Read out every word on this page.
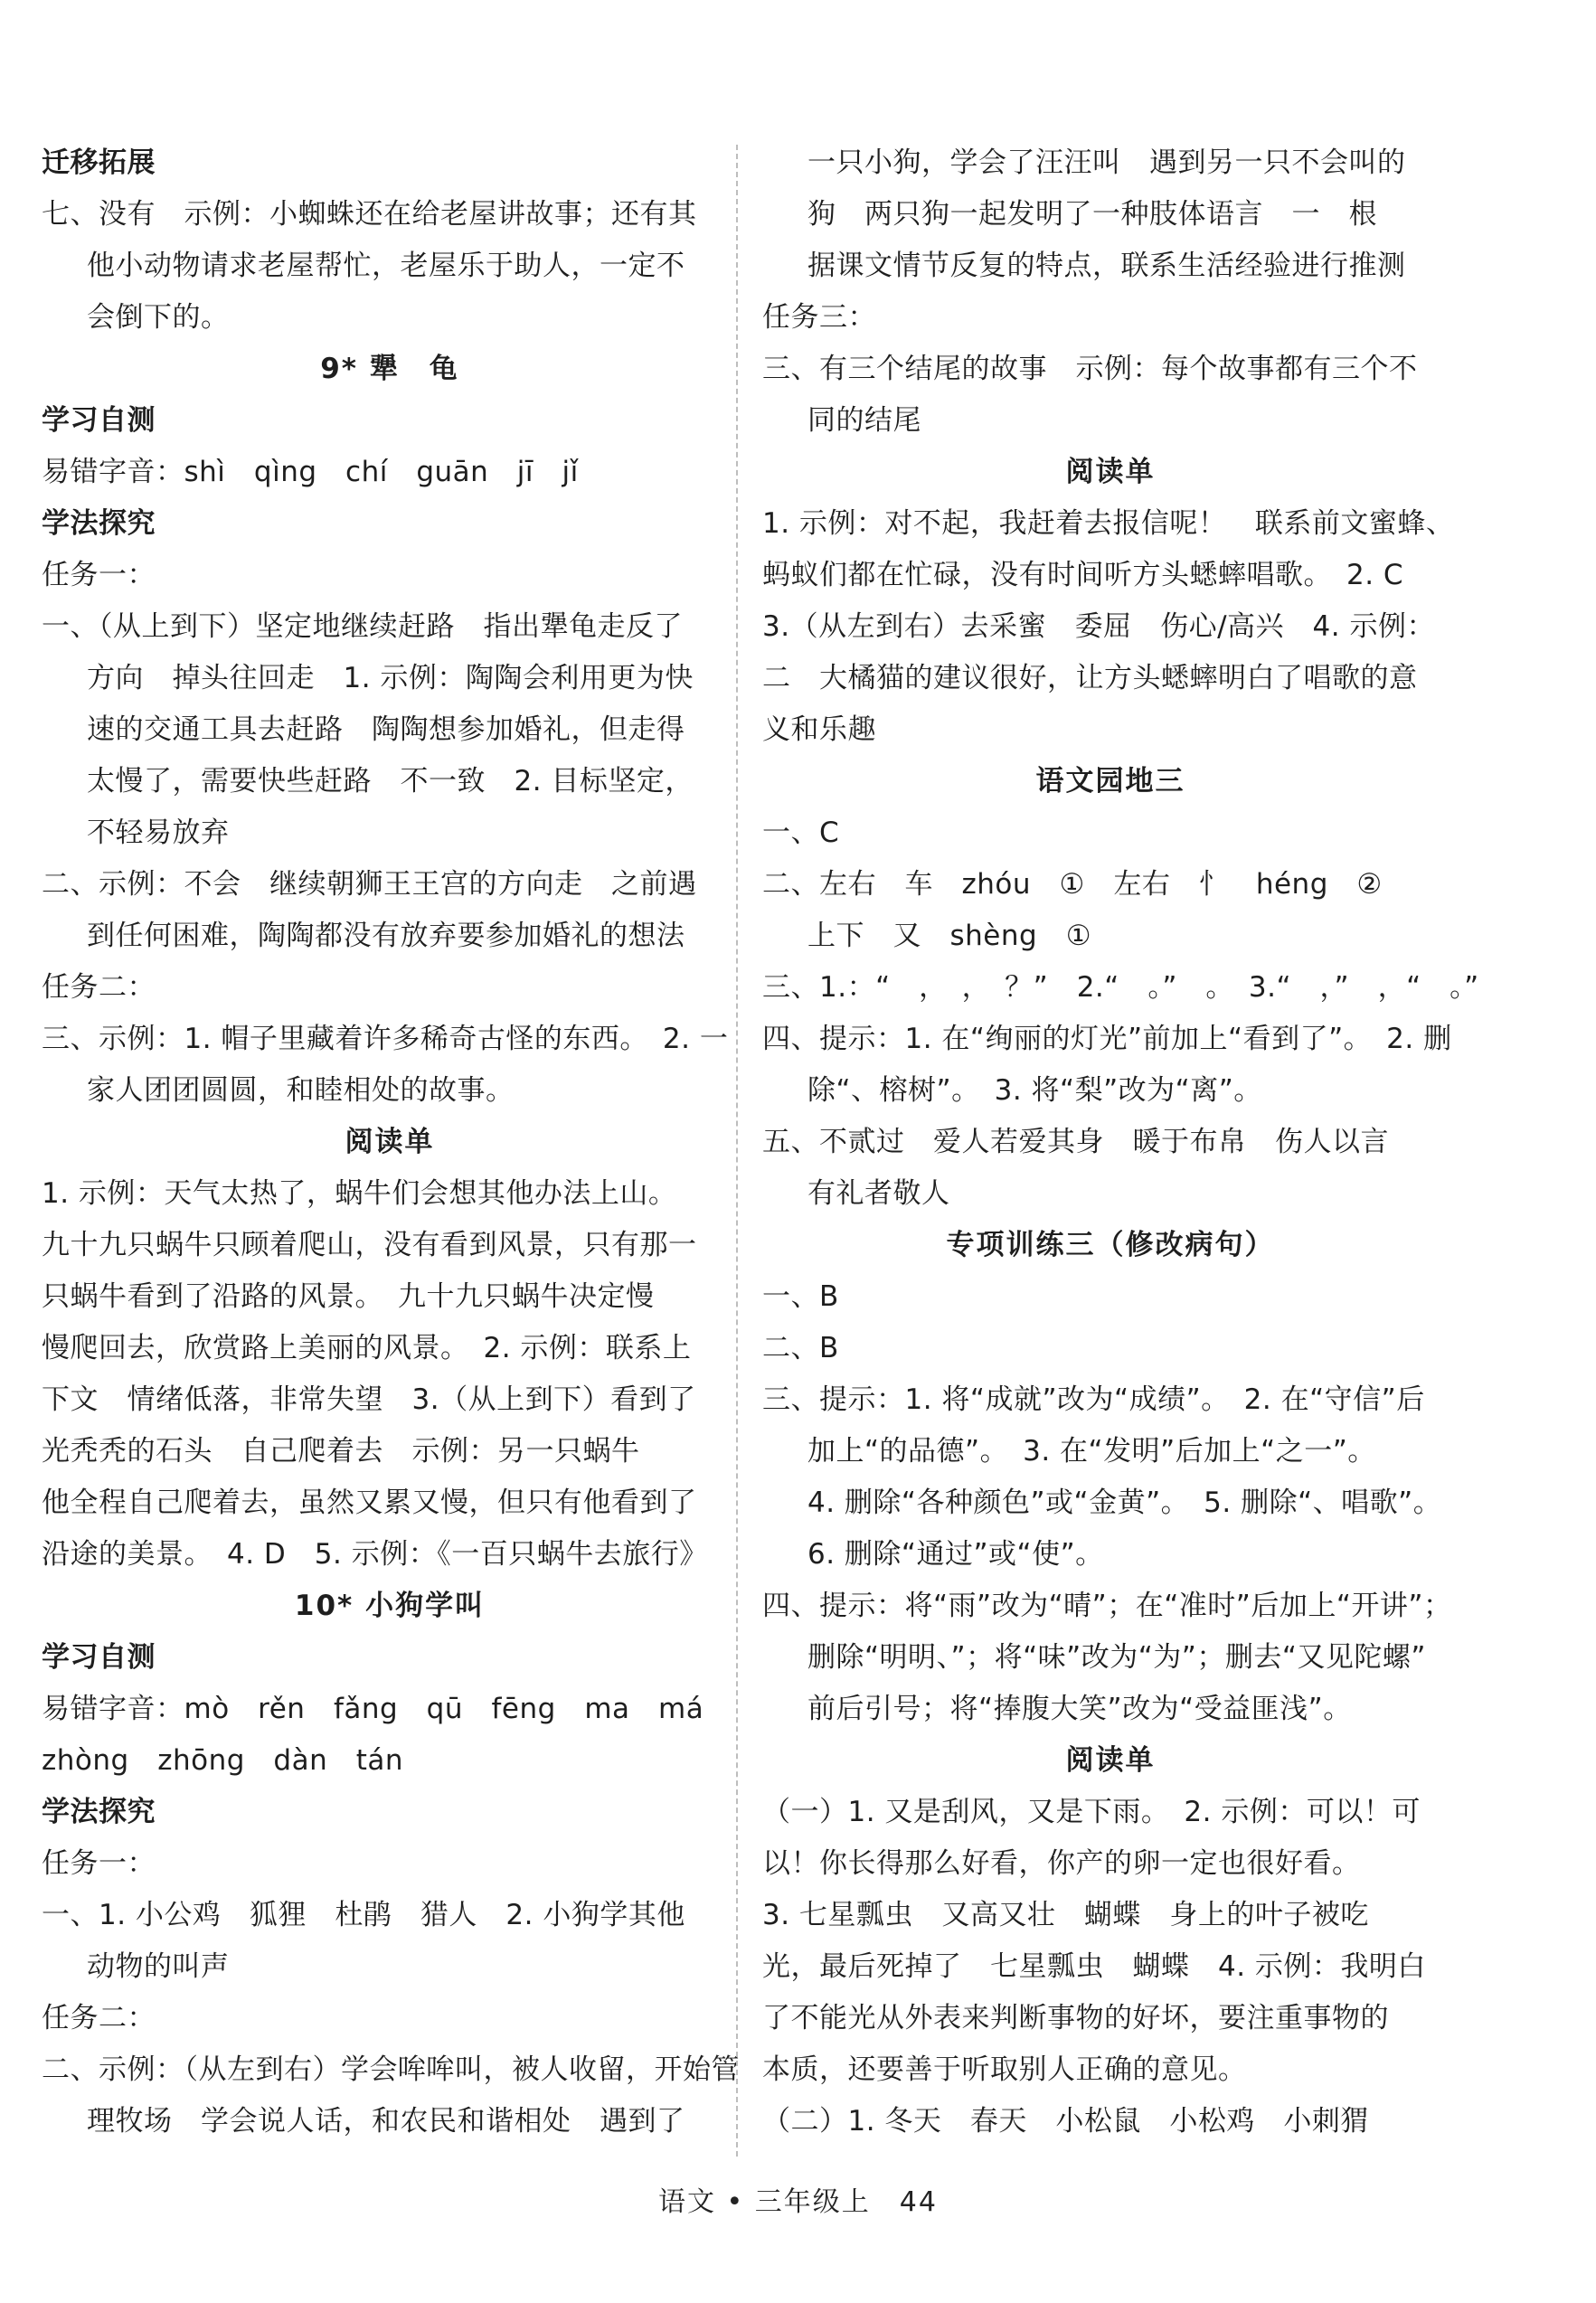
迁移拓展
七、没有　示例：小蜘蛛还在给老屋讲故事；还有其
他小动物请求老屋帮忙，老屋乐于助人，一定不
会倒下的。
9* 犟　龟
学习自测
易错字音：shì　qìng　chí　guān　jī　jǐ
学法探究
任务一：
一、（从上到下）坚定地继续赶路　指出犟龟走反了
方向　掉头往回走　1. 示例：陶陶会利用更为快
速的交通工具去赶路　陶陶想参加婚礼，但走得
太慢了，需要快些赶路　不一致　2. 目标坚定，
不轻易放弃
二、示例：不会　继续朝狮王王宫的方向走　之前遇
到任何困难，陶陶都没有放弃要参加婚礼的想法
任务二：
三、示例：1. 帽子里藏着许多稀奇古怪的东西。　2. 一
家人团团圆圆，和睦相处的故事。
阅读单
1. 示例：天气太热了，蜗牛们会想其他办法上山。
九十九只蜗牛只顾着爬山，没有看到风景，只有那一
只蜗牛看到了沿路的风景。　九十九只蜗牛决定慢
慢爬回去，欣赏路上美丽的风景。　2. 示例：联系上
下文　情绪低落，非常失望　3.（从上到下）看到了
光秃秃的石头　自己爬着去　示例：另一只蜗牛
他全程自己爬着去，虽然又累又慢，但只有他看到了
沿途的美景。　4. D　5. 示例：《一百只蜗牛去旅行》
10* 小狗学叫
学习自测
易错字音：mò　rěn　fǎng　qū　fēng　ma　má
zhòng　zhōng　dàn　tán
学法探究
任务一：
一、1. 小公鸡　狐狸　杜鹃　猎人　2. 小狗学其他
动物的叫声
任务二：
二、示例：（从左到右）学会哞哞叫，被人收留，开始管
理牧场　学会说人话，和农民和谐相处　遇到了
一只小狗，学会了汪汪叫　遇到另一只不会叫的
狗　两只狗一起发明了一种肢体语言　一　根
据课文情节反复的特点，联系生活经验进行推测
任务三：
三、有三个结尾的故事　示例：每个故事都有三个不
同的结尾
阅读单
1. 示例：对不起，我赶着去报信呢！　联系前文蜜蜂、
蚂蚁们都在忙碌，没有时间听方头蟋蟀唱歌。　2. C
3.（从左到右）去采蜜　委屈　伤心/高兴　4. 示例：
二　大橘猫的建议很好，让方头蟋蟀明白了唱歌的意
义和乐趣
语文园地三
一、C
二、左右　车　zhóu　①　左右　忄　héng　②
上下　又　shèng　①
三、1.：“　，　，　？”　2.“　。”　。　3.“　，”　，“　。”
四、提示：1. 在“绚丽的灯光”前加上“看到了”。　2. 删
除“、榕树”。　3. 将“梨”改为“离”。
五、不贰过　爱人若爱其身　暖于布帛　伤人以言
有礼者敬人
专项训练三（修改病句）
一、B
二、B
三、提示：1. 将“成就”改为“成绩”。　2. 在“守信”后
加上“的品德”。　3. 在“发明”后加上“之一”。
4. 删除“各种颜色”或“金黄”。　5. 删除“、唱歌”。
6. 删除“通过”或“使”。
四、提示：将“雨”改为“晴”；在“准时”后加上“开讲”；
删除“明明、”；将“味”改为“为”；删去“又见陀螺”
前后引号；将“捧腹大笑”改为“受益匪浅”。
阅读单
（一）1. 又是刮风，又是下雨。　2. 示例：可以！可
以！你长得那么好看，你产的卵一定也很好看。
3. 七星瓢虫　又高又壮　蝴蝶　身上的叶子被吃
光，最后死掉了　七星瓢虫　蝴蝶　4. 示例：我明白
了不能光从外表来判断事物的好坏，要注重事物的
本质，还要善于听取别人正确的意见。
（二）1. 冬天　春天　小松鼠　小松鸡　小刺猬
语文 • 三年级上　44
